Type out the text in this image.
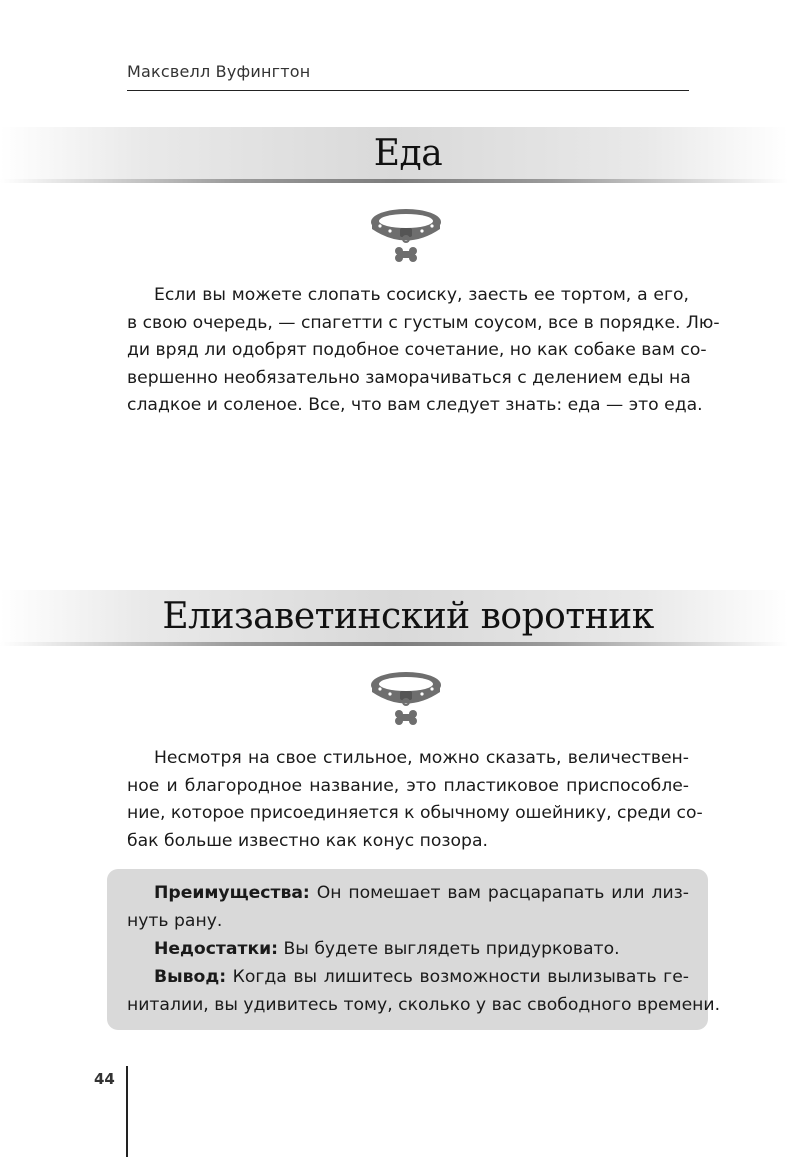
Максвелл Вуфингтон
Еда
Если вы можете слопать сосиску, заесть ее тортом, а его,
в свою очередь, — спагетти с густым соусом, все в порядке. Лю-
ди вряд ли одобрят подобное сочетание, но как собаке вам со-
вершенно необязательно заморачиваться с делением еды на
сладкое и соленое. Все, что вам следует знать: еда — это еда.
Елизаветинский воротник
Несмотря на свое стильное, можно сказать, величествен-
ное и благородное название, это пластиковое приспособле-
ние, которое присоединяется к обычному ошейнику, среди со-
бак больше известно как конус позора.
Преимущества: Он помешает вам расцарапать или лиз-
нуть рану.
Недостатки: Вы будете выглядеть придурковато.
Вывод: Когда вы лишитесь возможности вылизывать ге-
ниталии, вы удивитесь тому, сколько у вас свободного времени.
44
